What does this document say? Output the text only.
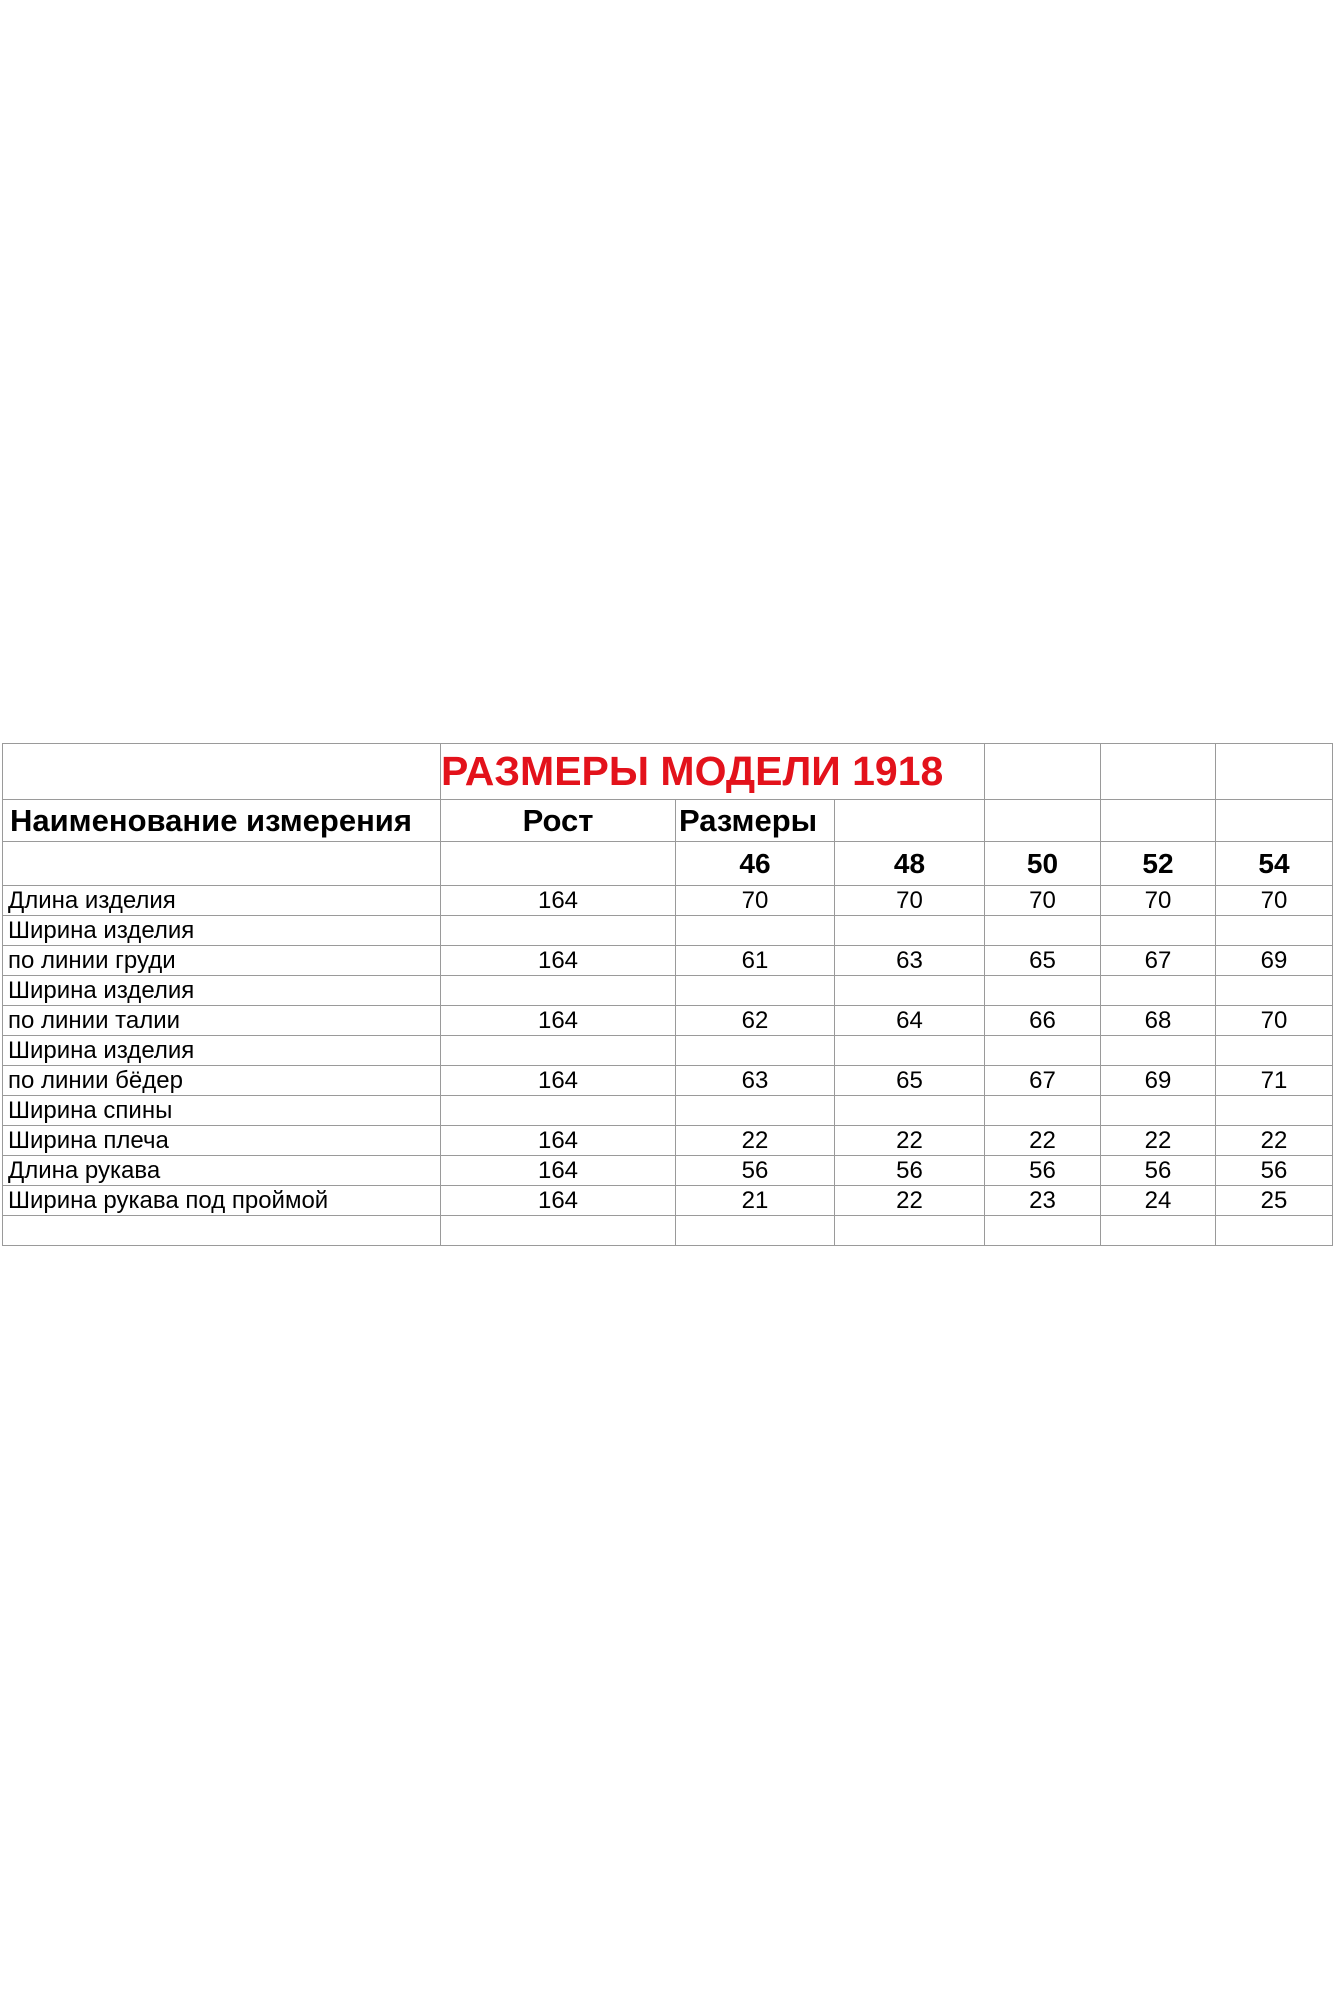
	РАЗМЕРЫ МОДЕЛИ 1918					

Наименование измерения	Рост	Размеры				
		46	48	50	52	54
Длина изделия	164	70	70	70	70	70
Ширина изделия						
по линии груди	164	61	63	65	67	69
Ширина изделия						
по линии талии	164	62	64	66	68	70
Ширина изделия						
по линии бёдер	164	63	65	67	69	71
Ширина спины						
Ширина плеча	164	22	22	22	22	22
Длина рукава	164	56	56	56	56	56
Ширина рукава под проймой	164	21	22	23	24	25
